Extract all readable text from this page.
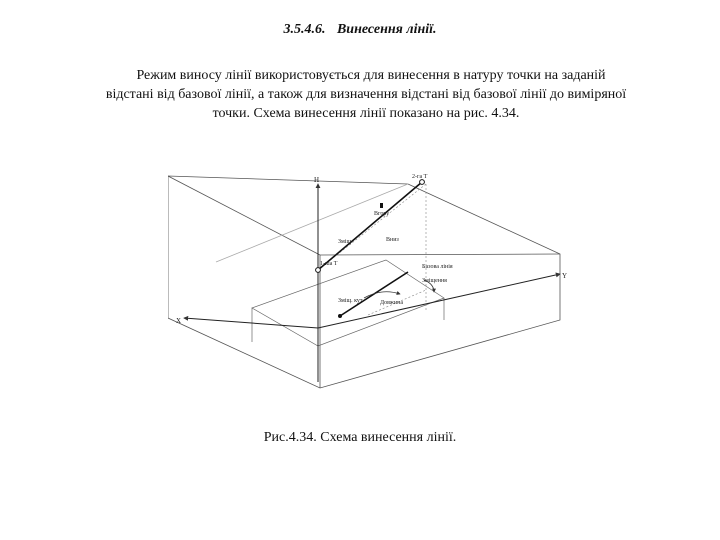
3.5.4.6. Винесення лінії.

Режим виносу лінії використовується для винесення в натуру точки на заданій
відстані від базової лінії, а також для визначення відстані від базової лінії до виміряної
точки. Схема винесення лінії показано на рис. 4.34.

H
Y
X
2-га Т
1-ша Т
Вгору
Зміщ	Вниз
Базова лінія
Зміщ. кут	Довжина
Зміщення
Рис.4.34. Схема винесення лінії.
